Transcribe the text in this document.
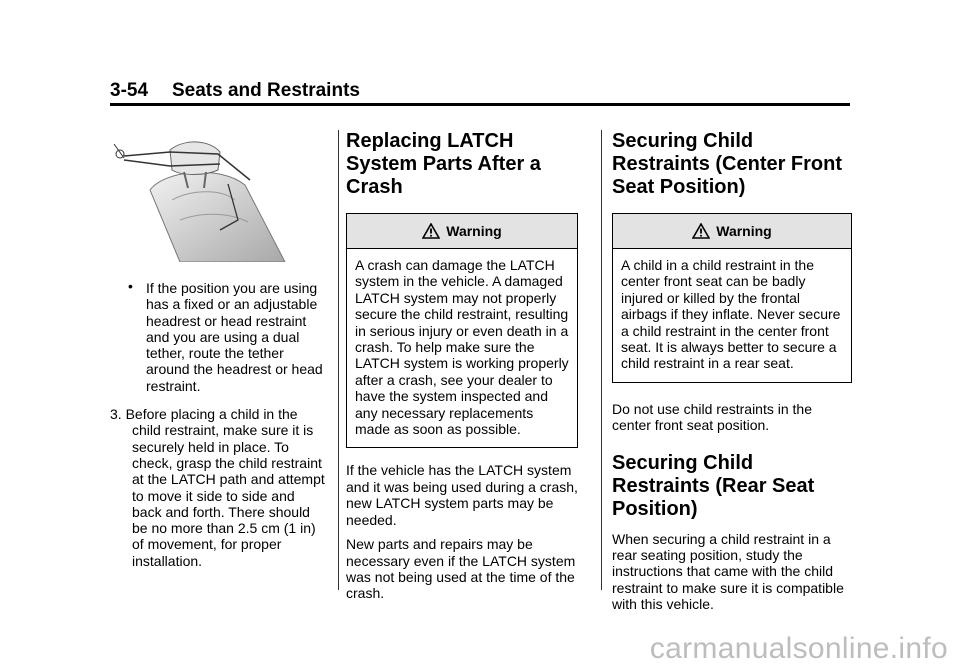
3-54 Seats and Restraints
• If the position you are using has a fixed or an adjustable headrest or head restraint and you are using a dual tether, route the tether around the headrest or head restraint.
3. Before placing a child in the child restraint, make sure it is securely held in place. To check, grasp the child restraint at the LATCH path and attempt to move it side to side and back and forth. There should be no more than 2.5 cm (1 in) of movement, for proper installation.
Replacing LATCH System Parts After a Crash
Warning
A crash can damage the LATCH system in the vehicle. A damaged LATCH system may not properly secure the child restraint, resulting in serious injury or even death in a crash. To help make sure the LATCH system is working properly after a crash, see your dealer to have the system inspected and any necessary replacements made as soon as possible.
If the vehicle has the LATCH system and it was being used during a crash, new LATCH system parts may be needed.
New parts and repairs may be necessary even if the LATCH system was not being used at the time of the crash.
Securing Child Restraints (Center Front Seat Position)
Warning
A child in a child restraint in the center front seat can be badly injured or killed by the frontal airbags if they inflate. Never secure a child restraint in the center front seat. It is always better to secure a child restraint in a rear seat.
Do not use child restraints in the center front seat position.
Securing Child Restraints (Rear Seat Position)
When securing a child restraint in a rear seating position, study the instructions that came with the child restraint to make sure it is compatible with this vehicle.
carmanualsonline.info
